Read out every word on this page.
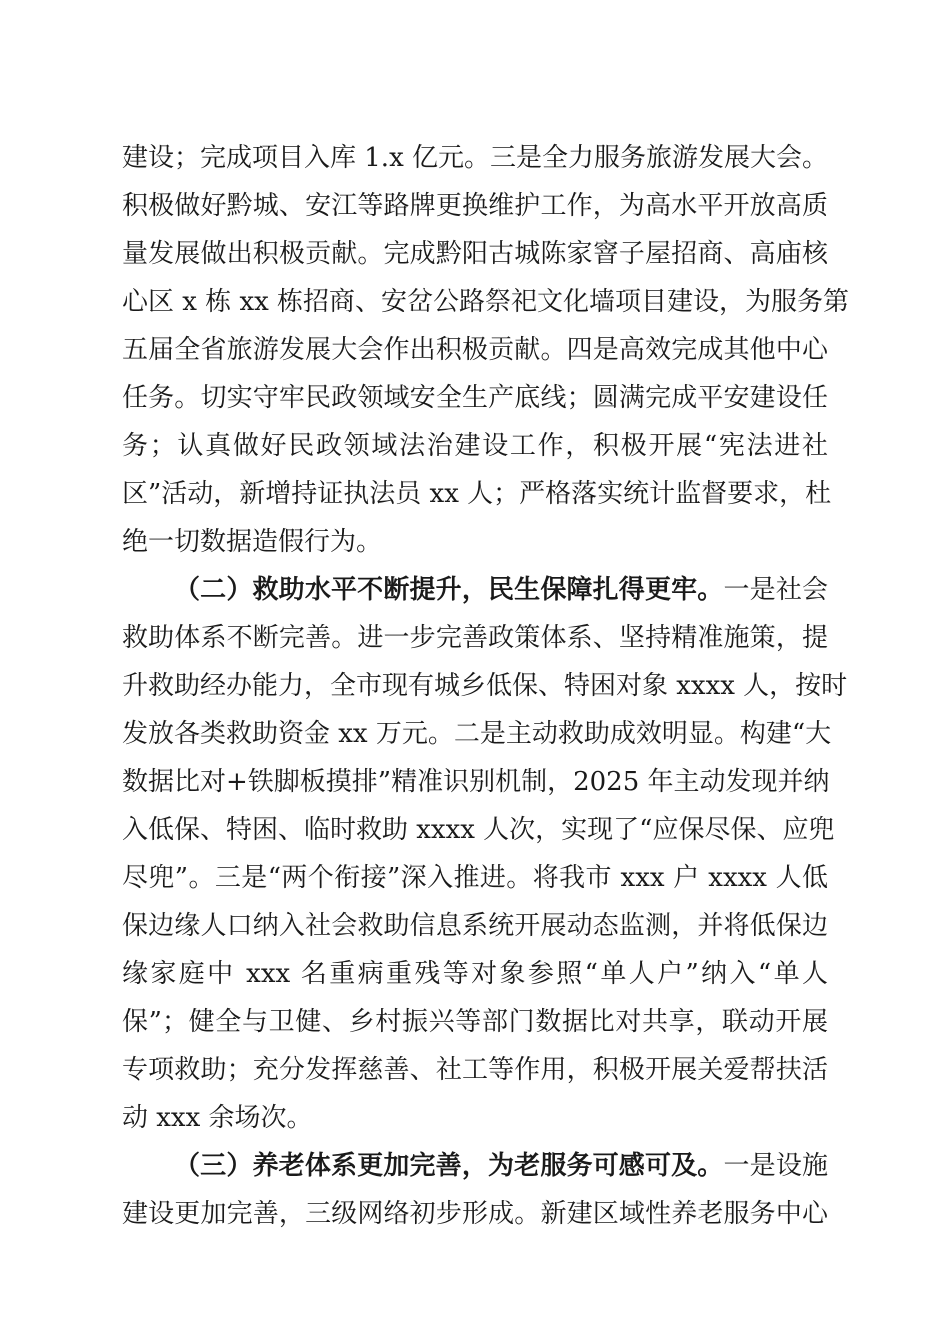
建设；完成项目入库 1.x 亿元。三是全力服务旅游发展大会。
积极做好黔城、安江等路牌更换维护工作，为高水平开放高质
量发展做出积极贡献。完成黔阳古城陈家窨子屋招商、高庙核
心区 x 栋 xx 栋招商、安岔公路祭祀文化墙项目建设，为服务第
五届全省旅游发展大会作出积极贡献。四是高效完成其他中心
任务。切实守牢民政领域安全生产底线；圆满完成平安建设任
务；认真做好民政领域法治建设工作，积极开展“宪法进社
区”活动，新增持证执法员 xx 人；严格落实统计监督要求，杜
绝一切数据造假行为。
（二）救助水平不断提升，民生保障扎得更牢。一是社会
救助体系不断完善。进一步完善政策体系、坚持精准施策，提
升救助经办能力，全市现有城乡低保、特困对象 xxxx 人，按时
发放各类救助资金 xx 万元。二是主动救助成效明显。构建“大
数据比对+铁脚板摸排”精准识别机制，2025 年主动发现并纳
入低保、特困、临时救助 xxxx 人次，实现了“应保尽保、应兜
尽兜”。三是“两个衔接”深入推进。将我市 xxx 户 xxxx 人低
保边缘人口纳入社会救助信息系统开展动态监测，并将低保边
缘家庭中 xxx 名重病重残等对象参照“单人户”纳入“单人
保”；健全与卫健、乡村振兴等部门数据比对共享，联动开展
专项救助；充分发挥慈善、社工等作用，积极开展关爱帮扶活
动 xxx 余场次。
（三）养老体系更加完善，为老服务可感可及。一是设施
建设更加完善，三级网络初步形成。新建区域性养老服务中心
